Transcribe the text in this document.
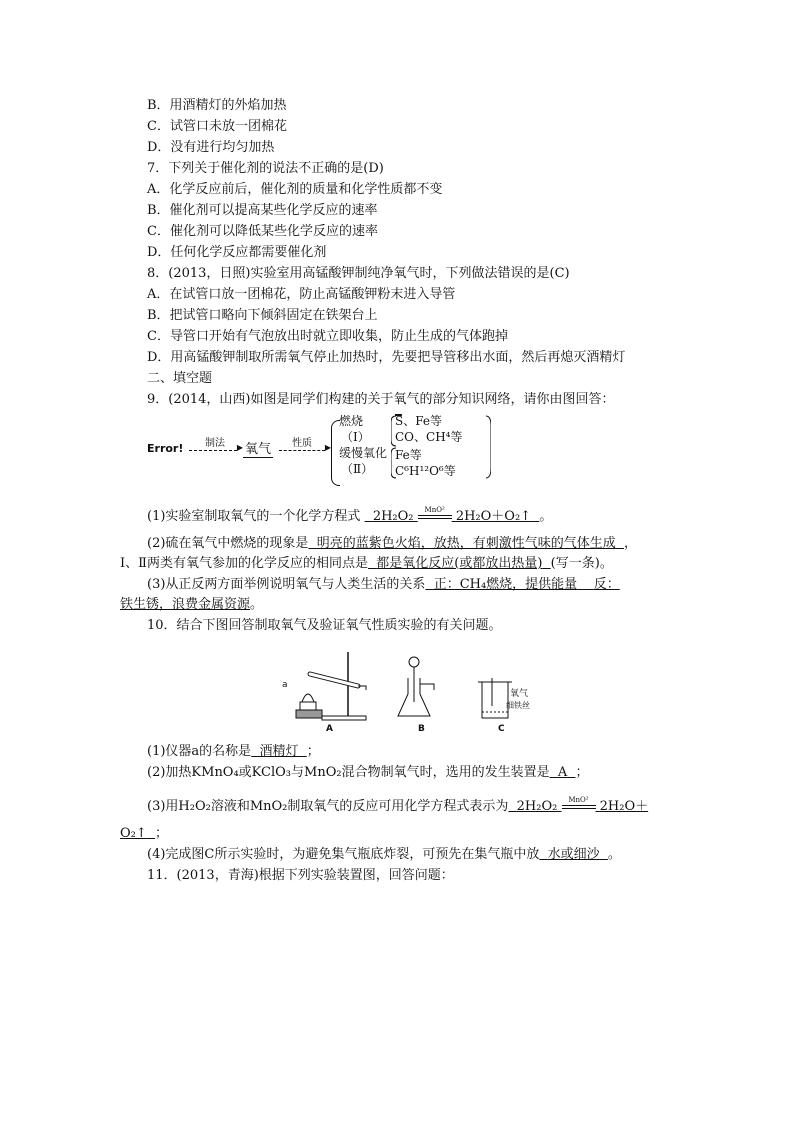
B．用酒精灯的外焰加热
C．试管口未放一团棉花
D．没有进行均匀加热
7．下列关于催化剂的说法不正确的是(D)
A．化学反应前后，催化剂的质量和化学性质都不变
B．催化剂可以提高某些化学反应的速率
C．催化剂可以降低某些化学反应的速率
D．任何化学反应都需要催化剂
8．(2013，日照)实验室用高锰酸钾制纯净氧气时，下列做法错误的是(C)
A．在试管口放一团棉花，防止高锰酸钾粉末进入导管
B．把试管口略向下倾斜固定在铁架台上
C．导管口开始有气泡放出时就立即收集，防止生成的气体跑掉
D．用高锰酸钾制取所需氧气停止加热时，先要把导管移出水面，然后再熄灭酒精灯
二、填空题
9．(2014，山西)如图是同学们构建的关于氧气的部分知识网络，请你由图回答：
Error!
▶ 制法 氧气
▶ 性质
燃烧
（Ⅰ）
缓慢氧化
（Ⅱ）
S、Fe等
CO、CH⁴等
Fe等
C⁶H¹²O⁶等
(1)实验室制取氧气的一个化学方程式 2H₂O₂	MnO²
2H₂O＋O₂↑ 。
(2)硫在氧气中燃烧的现象是 明亮的蓝紫色火焰，放热，有刺激性气味的气体生成 ，
Ⅰ、Ⅱ两类有氧气参加的化学反应的相同点是 都是氧化反应(或都放出热量) (写一条)。
(3)从正反两方面举例说明氧气与人类生活的关系 正：CH₄燃烧，提供能量 反：
铁生锈，浪费金属资源。
10．结合下图回答制取氧气及验证氧气性质实验的有关问题。
a
A	B	C
氧气
细铁丝
(1)仪器a的名称是 酒精灯 ；
(2)加热KMnO₄或KClO₃与MnO₂混合物制氧气时，选用的发生装置是 A ；
(3)用H₂O₂溶液和MnO₂制取氧气的反应可用化学方程式表示为 2H₂O₂	MnO²
2H₂O＋
O₂↑ ；
(4)完成图C所示实验时，为避免集气瓶底炸裂，可预先在集气瓶中放 水或细沙 。
11．(2013，青海)根据下列实验装置图，回答问题：
